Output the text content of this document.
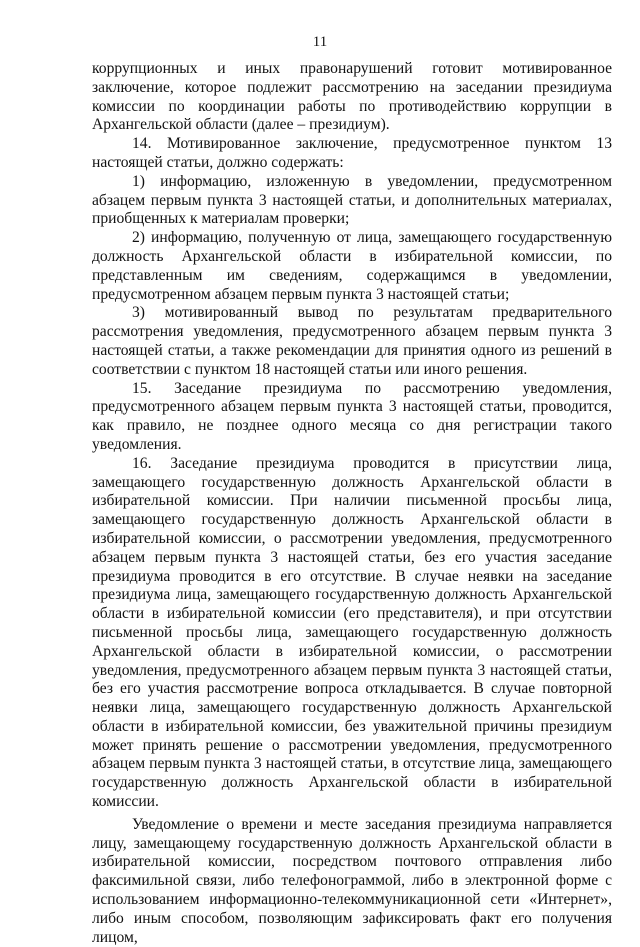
11

коррупционных и иных правонарушений готовит мотивированное заключение, которое подлежит рассмотрению на заседании президиума комиссии по координации работы по противодействию коррупции в Архангельской области (далее – президиум).

14. Мотивированное заключение, предусмотренное пунктом 13 настоящей статьи, должно содержать:

1) информацию, изложенную в уведомлении, предусмотренном абзацем первым пункта 3 настоящей статьи, и дополнительных материалах, приобщенных к материалам проверки;

2) информацию, полученную от лица, замещающего государственную должность Архангельской области в избирательной комиссии, по представленным им сведениям, содержащимся в уведомлении, предусмотренном абзацем первым пункта 3 настоящей статьи;

3) мотивированный вывод по результатам предварительного рассмотрения уведомления, предусмотренного абзацем первым пункта 3 настоящей статьи, а также рекомендации для принятия одного из решений в соответствии с пунктом 18 настоящей статьи или иного решения.

15. Заседание президиума по рассмотрению уведомления, предусмотренного абзацем первым пункта 3 настоящей статьи, проводится, как правило, не позднее одного месяца со дня регистрации такого уведомления.

16. Заседание президиума проводится в присутствии лица, замещающего государственную должность Архангельской области в избирательной комиссии. При наличии письменной просьбы лица, замещающего государственную должность Архангельской области в избирательной комиссии, о рассмотрении уведомления, предусмотренного абзацем первым пункта 3 настоящей статьи, без его участия заседание президиума проводится в его отсутствие. В случае неявки на заседание президиума лица, замещающего государственную должность Архангельской области в избирательной комиссии (его представителя), и при отсутствии письменной просьбы лица, замещающего государственную должность Архангельской области в избирательной комиссии, о рассмотрении уведомления, предусмотренного абзацем первым пункта 3 настоящей статьи, без его участия рассмотрение вопроса откладывается. В случае повторной неявки лица, замещающего государственную должность Архангельской области в избирательной комиссии, без уважительной причины президиум может принять решение о рассмотрении уведомления, предусмотренного абзацем первым пункта 3 настоящей статьи, в отсутствие лица, замещающего государственную должность Архангельской области в избирательной комиссии.

Уведомление о времени и месте заседания президиума направляется лицу, замещающему государственную должность Архангельской области в избирательной комиссии, посредством почтового отправления либо факсимильной связи, либо телефонограммой, либо в электронной форме с использованием информационно-телекоммуникационной сети «Интернет», либо иным способом, позволяющим зафиксировать факт его получения лицом,
